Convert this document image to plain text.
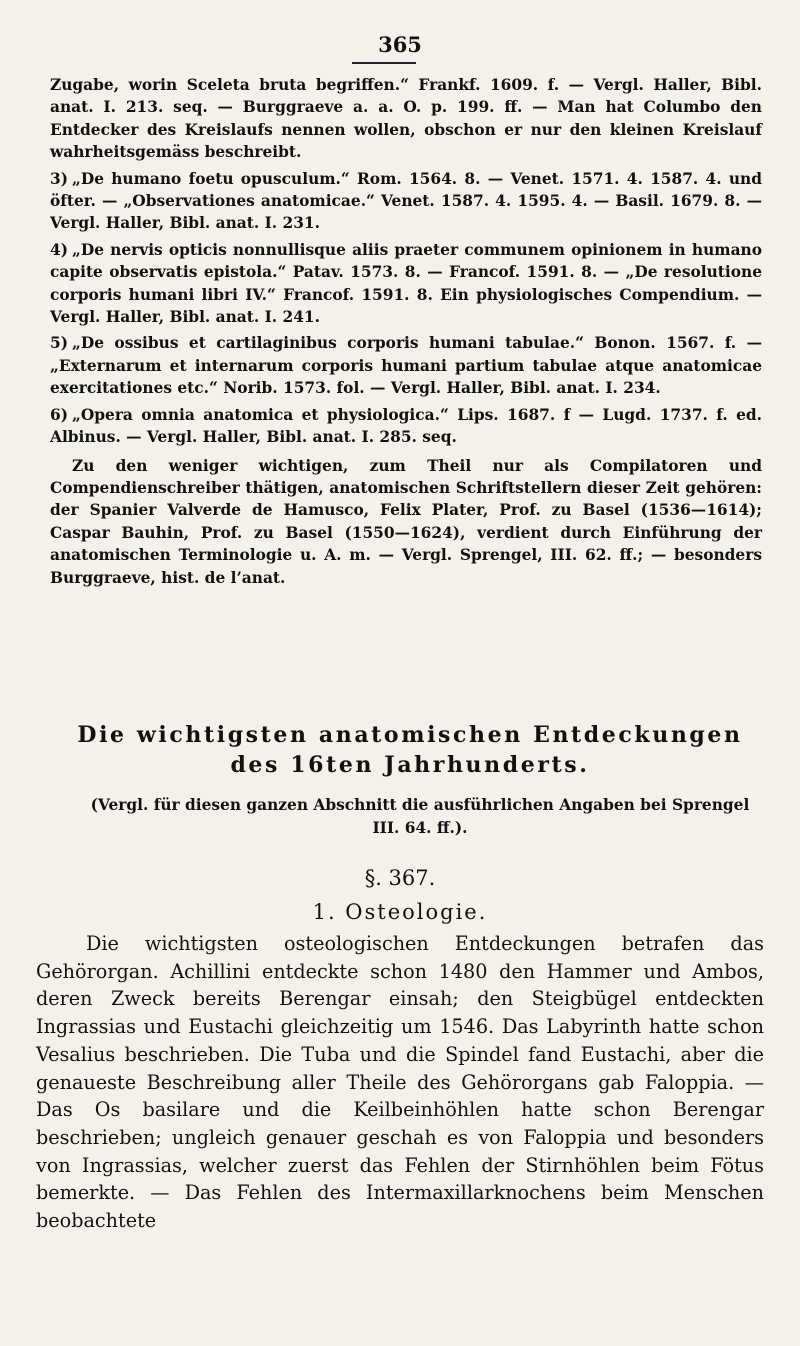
365

Zugabe, worin Sceleta bruta begriffen.“ Frankf. 1609. f. — Vergl. Haller, Bibl. anat. I. 213. seq. — Burggraeve a. a. O. p. 199. ff. — Man hat Columbo den Entdecker des Kreislaufs nennen wollen, obschon er nur den kleinen Kreislauf wahrheitsgemäss beschreibt.

3) „De humano foetu opusculum.“ Rom. 1564. 8. — Venet. 1571. 4. 1587. 4. und öfter. — „Observationes anatomicae.“ Venet. 1587. 4. 1595. 4. — Basil. 1679. 8. — Vergl. Haller, Bibl. anat. I. 231.

4) „De nervis opticis nonnullisque aliis praeter communem opinionem in humano capite observatis epistola.“ Patav. 1573. 8. — Francof. 1591. 8. — „De resolutione corporis humani libri IV.“ Francof. 1591. 8. Ein physiologisches Compendium. — Vergl. Haller, Bibl. anat. I. 241.

5) „De ossibus et cartilaginibus corporis humani tabulae.“ Bonon. 1567. f. — „Externarum et internarum corporis humani partium tabulae atque anatomicae exercitationes etc.“ Norib. 1573. fol. — Vergl. Haller, Bibl. anat. I. 234.

6) „Opera omnia anatomica et physiologica.“ Lips. 1687. f — Lugd. 1737. f. ed. Albinus. — Vergl. Haller, Bibl. anat. I. 285. seq.

Zu den weniger wichtigen, zum Theil nur als Compilatoren und Compendienschreiber thätigen, anatomischen Schriftstellern dieser Zeit gehören: der Spanier Valverde de Hamusco, Felix Plater, Prof. zu Basel (1536—1614); Caspar Bauhin, Prof. zu Basel (1550—1624), verdient durch Einführung der anatomischen Terminologie u. A. m. — Vergl. Sprengel, III. 62. ff.; — besonders Burggraeve, hist. de l’anat.

Die wichtigsten anatomischen Entdeckungen des 16ten Jahrhunderts.
(Vergl. für diesen ganzen Abschnitt die ausführlichen Angaben bei Sprengel III. 64. ff.).
§. 367.
1. Osteologie.

Die wichtigsten osteologischen Entdeckungen betrafen das Gehörorgan. Achillini entdeckte schon 1480 den Hammer und Ambos, deren Zweck bereits Berengar einsah; den Steigbügel entdeckten Ingrassias und Eustachi gleichzeitig um 1546. Das Labyrinth hatte schon Vesalius beschrieben. Die Tuba und die Spindel fand Eustachi, aber die genaueste Beschreibung aller Theile des Gehörorgans gab Faloppia. — Das Os basilare und die Keilbeinhöhlen hatte schon Berengar beschrieben; ungleich genauer geschah es von Faloppia und besonders von Ingrassias, welcher zuerst das Fehlen der Stirnhöhlen beim Fötus bemerkte. — Das Fehlen des Intermaxillarknochens beim Menschen beobachtete
